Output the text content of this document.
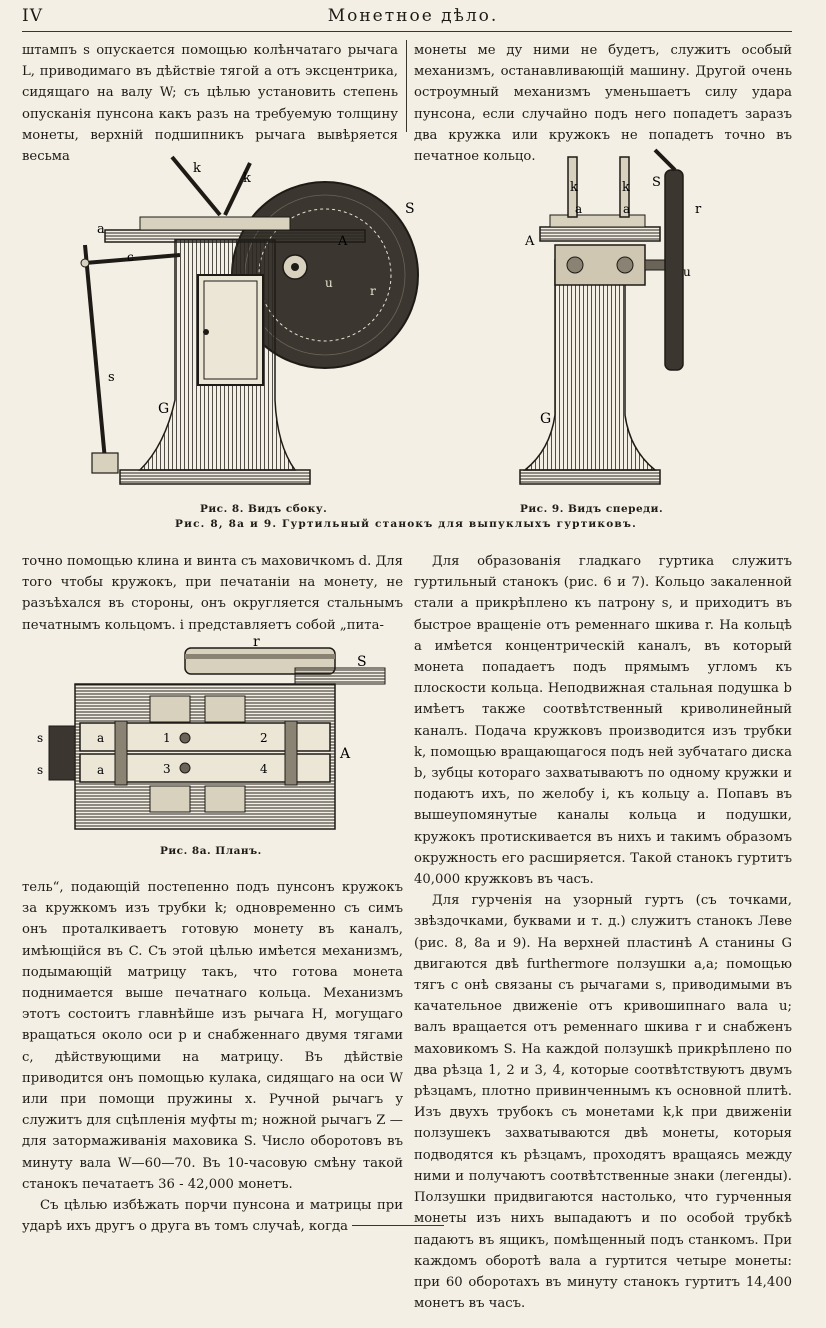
IV	Монетное дѣло.

штампъ s опускается помощью колѣнчатаго рычага L, приводимаго въ дѣйствіе тягой a отъ эксцентрика, сидящаго на валу W; съ цѣлью установить степень опусканія пунсона какъ разъ на требуемую толщину монеты, верхній подшипникъ рычага вывѣряется весьма

монеты ме ду ними не будетъ, служитъ особый механизмъ, останавливающій машину. Другой очень остроумный механизмъ уменьшаетъ силу удара пунсона, если случайно подъ него попадетъ заразъ два кружка или кружокъ не попадетъ точно въ печатное кольцо.

k
k
S
a
c
A
u
r
s
G
k	k S
a	a	r
A
u
G
Рис. 8. Видъ сбоку.	Рис. 9. Видъ спереди.
Рис. 8, 8а и 9. Гуртильный станокъ для выпуклыхъ гуртиковъ.

точно помощью клина и винта съ маховичкомъ d. Для того чтобы кружокъ, при печатаніи на монету, не разъѣхался въ стороны, онъ округляется стальнымъ печатнымъ кольцомъ. i представляетъ собой „пита-

r
S
s
s
a
a
1	2
3	4
A
Рис. 8а. Планъ.

тель“, подающій постепенно подъ пунсонъ кружокъ за кружкомъ изъ трубки k; одновременно съ симъ онъ проталкиваетъ готовую монету въ каналъ, имѣющійся въ C. Съ этой цѣлью имѣется механизмъ, подымающій матрицу такъ, что готова монета поднимается выше печатнаго кольца. Механизмъ этотъ состоитъ главнѣйше изъ рычага H, могущаго вращаться около оси p и снабженнаго двумя тягами c, дѣйствующими на матрицу. Въ дѣйствіе приводится онъ помощью кулака, сидящаго на оси W или при помощи пружины x. Ручной рычагъ y служитъ для сцѣпленія муфты m; ножной рычагъ Z — для затормаживанія маховика S. Число оборотовъ въ минуту вала W—60—70. Въ 10-часовую смѣну такой станокъ печатаетъ 36 - 42,000 монетъ.

Съ цѣлью избѣжать порчи пунсона и матрицы при ударѣ ихъ другъ о друга въ томъ случаѣ, когда

Для образованія гладкаго гуртика служитъ гуртильный станокъ (рис. 6 и 7). Кольцо закаленной стали a прикрѣплено къ патрону s, и приходитъ въ быстрое вращеніе отъ ременнаго шкива r. На кольцѣ a имѣется концентрическій каналъ, въ который монета попадаетъ подъ прямымъ угломъ къ плоскости кольца. Неподвижная стальная подушка b имѣетъ также соотвѣтственный криволинейный каналъ. Подача кружковъ производится изъ трубки k, помощью вращающагося подъ ней зубчатаго диска b, зубцы котораго захватываютъ по одному кружки и подаютъ ихъ, по желобу i, къ кольцу a. Попавъ въ вышеупомянутые каналы кольца и подушки, кружокъ протискивается въ нихъ и такимъ образомъ окружность его расширяется. Такой станокъ гуртитъ 40,000 кружковъ въ часъ.

Для гурченія на узорный гуртъ (съ точками, звѣздочками, буквами и т. д.) служитъ станокъ Леве (рис. 8, 8а и 9). На верхней пластинѣ A станины G двигаются двѣ furthermore ползушки a,a; помощью тягъ c онѣ связаны съ рычагами s, приводимыми въ качательное движеніе отъ кривошипнаго вала u; валъ вращается отъ ременнаго шкива r и снабженъ маховикомъ S. На каждой ползушкѣ прикрѣплено по два рѣзца 1, 2 и 3, 4, которые соотвѣтствуютъ двумъ рѣзцамъ, плотно привинченнымъ къ основной плитѣ. Изъ двухъ трубокъ съ монетами k,k при движеніи ползушекъ захватываются двѣ монеты, которыя подводятся къ рѣзцамъ, проходятъ вращаясь между ними и получаютъ соотвѣтственные знаки (легенды). Ползушки придвигаются настолько, что гурченныя монеты изъ нихъ выпадаютъ и по особой трубкѣ падаютъ въ ящикъ, помѣщенный подъ станкомъ. При каждомъ оборотѣ вала a гуртится четыре монеты: при 60 оборотахъ въ минуту станокъ гуртитъ 14,400 монетъ въ часъ.
